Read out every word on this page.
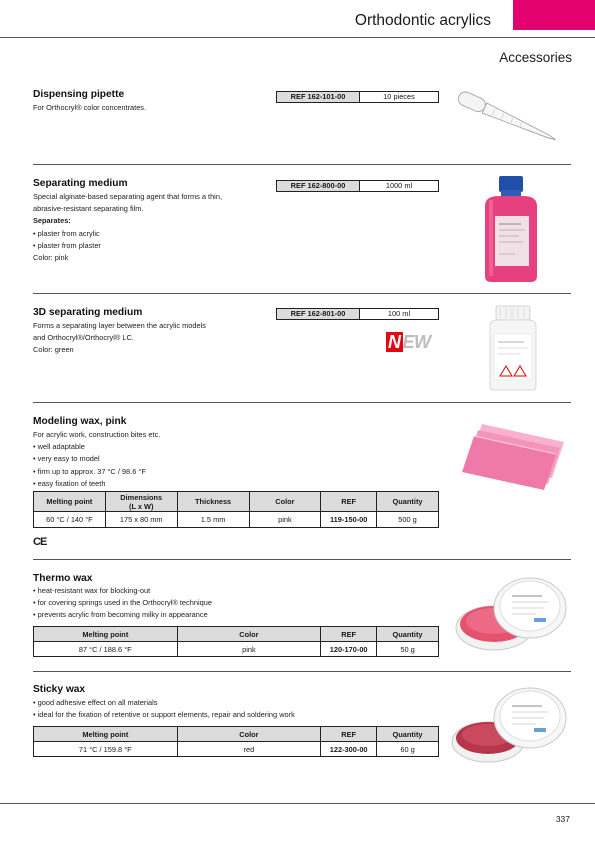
Orthodontic acrylics
Accessories
Dispensing pipette
For Orthocryl® color concentrates.
REF 162-101-00	10 pieces
Separating medium
Special alginate-based separating agent that forms a thin,
abrasive-resistant separating film.
Separates:
• plaster from acrylic
• plaster from plaster
Color: pink
REF 162-800-00	1000 ml
3D separating medium
Forms a separating layer between the acrylic models
and Orthocryl®/Orthocryl® LC.
Color: green
REF 162-801-00	100 ml
N EW
Modeling wax, pink
For acrylic work, construction bites etc.
• well adaptable
• very easy to model
• firm up to approx. 37 °C / 98.6 °F
• easy fixation of teeth
Melting point	Dimensions
(L x W)	Thickness	Color	REF	Quantity
60 °C / 140 °F	175 x 80 mm	1.5 mm	pink	119-150-00	500 g
CE
Thermo wax
• heat-resistant wax for blocking-out
• for covering springs used in the Orthocryl® technique
• prevents acrylic from becoming milky in appearance
Melting point	Color	REF	Quantity
87 °C / 188.6 °F	pink	120-170-00	50 g
Sticky wax
• good adhesive effect on all materials
• ideal for the fixation of retentive or support elements, repair and soldering work
Melting point	Color	REF	Quantity
71 °C / 159.8 °F	red	122-300-00	60 g
337
